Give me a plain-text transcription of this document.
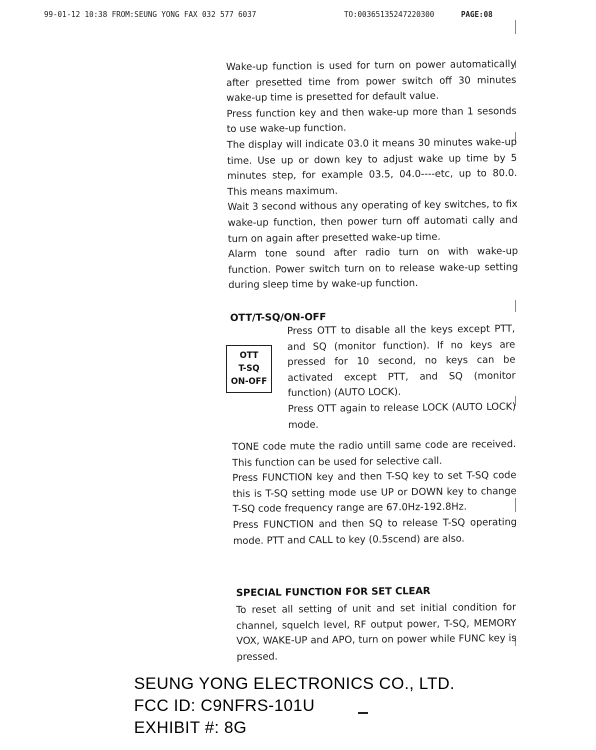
99-01-12 10:38 FROM:SEUNG YONG FAX 032 577 6037	TO:00365135247220300	PAGE:08

Wake-up function is used for turn on power automatically after presetted time from power switch off 30 minutes wake-up time is presetted for default value.

Press function key and then wake-up more than 1 sesonds to use wake-up function.

The display will indicate 03.0 it means 30 minutes wake-up time. Use up or down key to adjust wake up time by 5 minutes step, for example 03.5, 04.0----etc, up to 80.0. This means maximum.

Wait 3 second withous any operating of key switches, to fix wake-up function, then power turn off automati cally and turn on again after presetted wake-up time.

Alarm tone sound after radio turn on with wake-up function. Power switch turn on to release wake-up setting during sleep time by wake-up function.

OTT/T-SQ/ON-OFF
OTT
T-SQ
ON-OFF

Press OTT to disable all the keys except PTT, and SQ (monitor function). If no keys are pressed for 10 second, no keys can be activated except PTT, and SQ (monitor function) (AUTO LOCK).

Press OTT again to release LOCK (AUTO LOCK) mode.

TONE code mute the radio untill same code are received. This function can be used for selective call.

Press FUNCTION key and then T-SQ key to set T-SQ code this is T-SQ setting mode use UP or DOWN key to change T-SQ code frequency range are 67.0Hz-192.8Hz.

Press FUNCTION and then SQ to release T-SQ operating mode. PTT and CALL to key (0.5scend) are also.

SPECIAL FUNCTION FOR SET CLEAR

To reset all setting of unit and set initial condition for channel, squelch level, RF output power, T-SQ, MEMORY VOX, WAKE-UP and APO, turn on power while FUNC key is pressed.

SEUNG YONG ELECTRONICS CO., LTD.
FCC ID: C9NFRS-101U
EXHIBIT #: 8G
